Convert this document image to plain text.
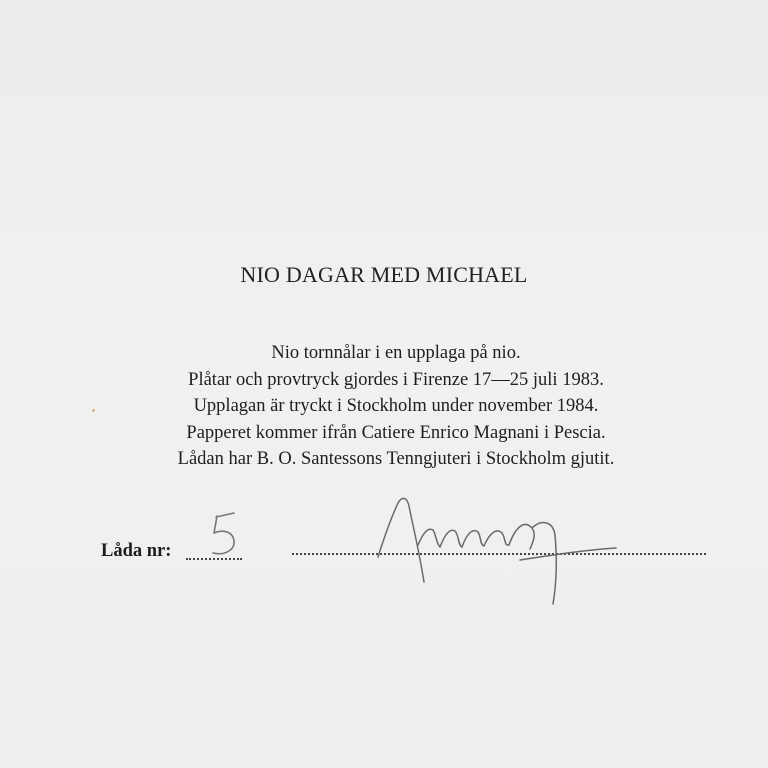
NIO DAGAR MED MICHAEL
Nio tornnålar i en upplaga på nio.
Plåtar och provtryck gjordes i Firenze 17—25 juli 1983.
Upplagan är tryckt i Stockholm under november 1984.
Papperet kommer ifrån Catiere Enrico Magnani i Pescia.
Lådan har B. O. Santessons Tenngjuteri i Stockholm gjutit.
Låda nr:
